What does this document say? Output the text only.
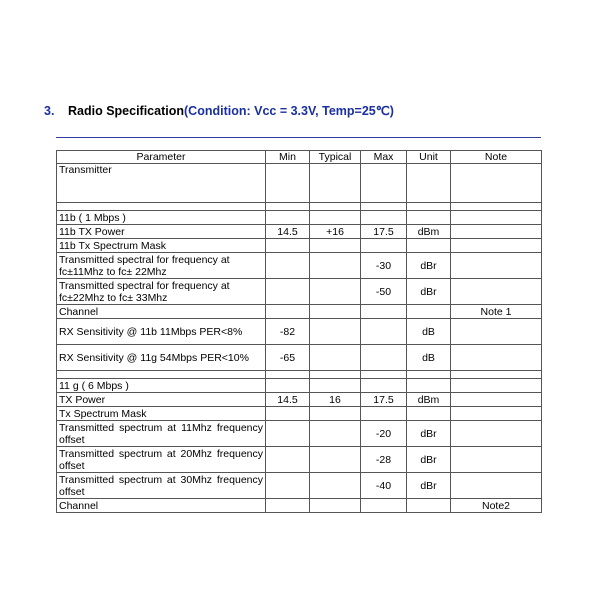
3. Radio Specification(Condition: Vcc = 3.3V, Temp=25℃)
Parameter	Min	Typical	Max	Unit	Note
Transmitter					

11b ( 1 Mbps )					
11b TX Power	14.5	+16	17.5	dBm	
11b Tx Spectrum Mask					
Transmitted spectral for frequency at fc±11Mhz to fc± 22Mhz			-30	dBr	
Transmitted spectral for frequency at fc±22Mhz to fc± 33Mhz			-50	dBr	
Channel					Note 1
RX Sensitivity @ 11b 11Mbps PER<8%	-82			dB	
RX Sensitivity @ 11g 54Mbps PER<10%	-65			dB	

11 g ( 6 Mbps )					
TX Power	14.5	16	17.5	dBm	
Tx Spectrum Mask					
Transmitted spectrum at 11Mhz frequency offset			-20	dBr	
Transmitted spectrum at 20Mhz frequency offset			-28	dBr	
Transmitted spectrum at 30Mhz frequency offset			-40	dBr	
Channel					Note2
